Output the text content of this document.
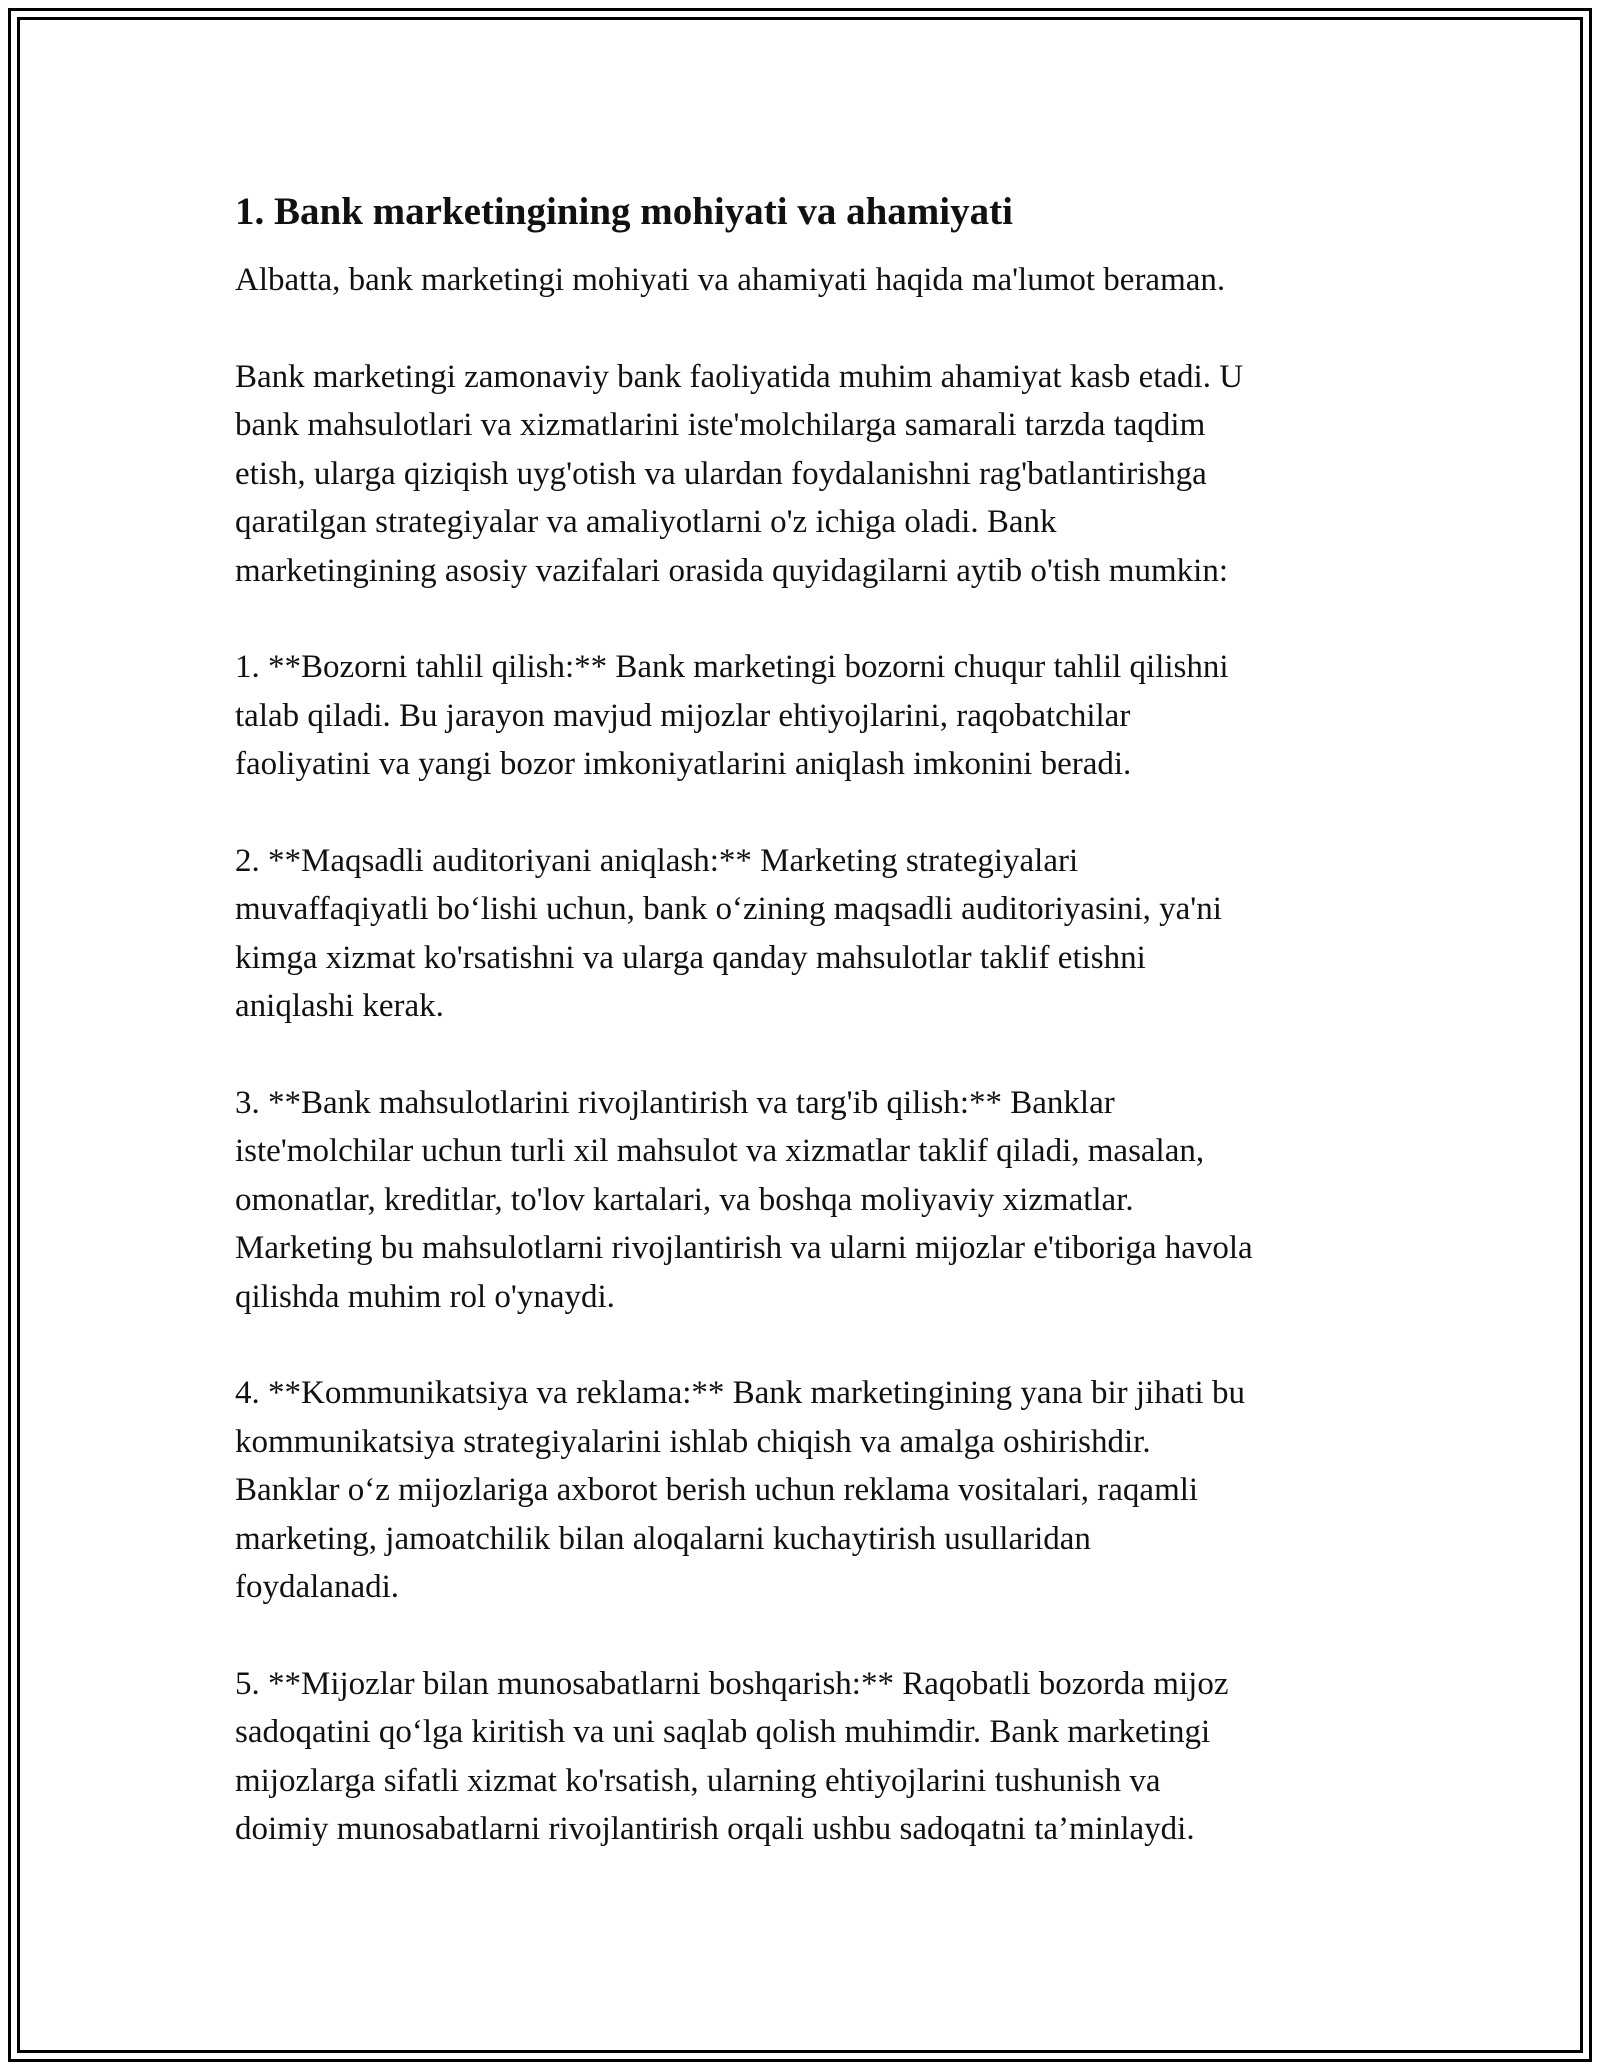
1. Bank marketingining mohiyati va ahamiyati

Albatta, bank marketingi mohiyati va ahamiyati haqida ma'lumot beraman.

Bank marketingi zamonaviy bank faoliyatida muhim ahamiyat kasb etadi. U
bank mahsulotlari va xizmatlarini iste'molchilarga samarali tarzda taqdim
etish, ularga qiziqish uyg'otish va ulardan foydalanishni rag'batlantirishga
qaratilgan strategiyalar va amaliyotlarni o'z ichiga oladi. Bank
marketingining asosiy vazifalari orasida quyidagilarni aytib o'tish mumkin:

1. **Bozorni tahlil qilish:** Bank marketingi bozorni chuqur tahlil qilishni
talab qiladi. Bu jarayon mavjud mijozlar ehtiyojlarini, raqobatchilar
faoliyatini va yangi bozor imkoniyatlarini aniqlash imkonini beradi.

2. **Maqsadli auditoriyani aniqlash:** Marketing strategiyalari
muvaffaqiyatli bo‘lishi uchun, bank o‘zining maqsadli auditoriyasini, ya'ni
kimga xizmat ko'rsatishni va ularga qanday mahsulotlar taklif etishni
aniqlashi kerak.

3. **Bank mahsulotlarini rivojlantirish va targ'ib qilish:** Banklar
iste'molchilar uchun turli xil mahsulot va xizmatlar taklif qiladi, masalan,
omonatlar, kreditlar, to'lov kartalari, va boshqa moliyaviy xizmatlar.
Marketing bu mahsulotlarni rivojlantirish va ularni mijozlar e'tiboriga havola
qilishda muhim rol o'ynaydi.

4. **Kommunikatsiya va reklama:** Bank marketingining yana bir jihati bu
kommunikatsiya strategiyalarini ishlab chiqish va amalga oshirishdir.
Banklar o‘z mijozlariga axborot berish uchun reklama vositalari, raqamli
marketing, jamoatchilik bilan aloqalarni kuchaytirish usullaridan
foydalanadi.

5. **Mijozlar bilan munosabatlarni boshqarish:** Raqobatli bozorda mijoz
sadoqatini qo‘lga kiritish va uni saqlab qolish muhimdir. Bank marketingi
mijozlarga sifatli xizmat ko'rsatish, ularning ehtiyojlarini tushunish va
doimiy munosabatlarni rivojlantirish orqali ushbu sadoqatni ta’minlaydi.
